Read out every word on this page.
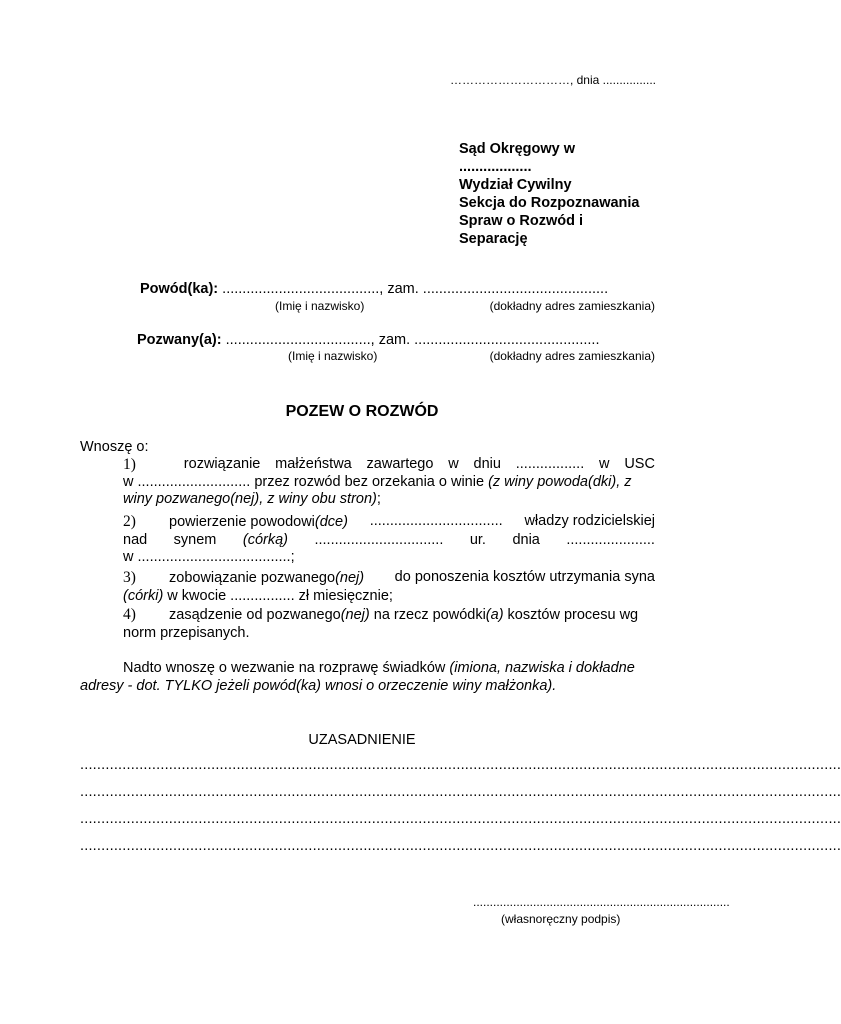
…………………………, dnia ................
Sąd Okręgowy w
..................
Wydział Cywilny
Sekcja do Rozpoznawania
Spraw o Rozwód i
Separację
Powód(ka): ......................................., zam. ..............................................
(Imię i nazwisko)	(dokładny adres zamieszkania)
Pozwany(a): ...................................., zam. ..............................................
(Imię i nazwisko)	(dokładny adres zamieszkania)
POZEW O ROZWÓD
Wnoszę o:
1)	rozwiązanie małżeństwa zawartego w dniu ................. w USC
w ............................ przez rozwód bez orzekania o winie (z winy powoda(dki), z
winy pozwanego(nej), z winy obu stron);
2) powierzenie powodowi(dce) ................................. władzy rodzicielskiej
nad synem (córką) ................................ ur. dnia ......................
w ......................................;
3) zobowiązanie pozwanego(nej) do ponoszenia kosztów utrzymania syna
(córki) w kwocie ................ zł miesięcznie;
4) zasądzenie od pozwanego(nej) na rzecz powódki(a) kosztów procesu wg
norm przepisanych.
Nadto wnoszę o wezwanie na rozprawę świadków (imiona, nazwiska i dokładne
adresy - dot. TYLKO jeżeli powód(ka) wnosi o orzeczenie winy małżonka).
UZASADNIENIE
....................................................................................................................................................................................
....................................................................................................................................................................................
....................................................................................................................................................................................
....................................................................................................................................................................................
.............................................................................
(własnoręczny podpis)
